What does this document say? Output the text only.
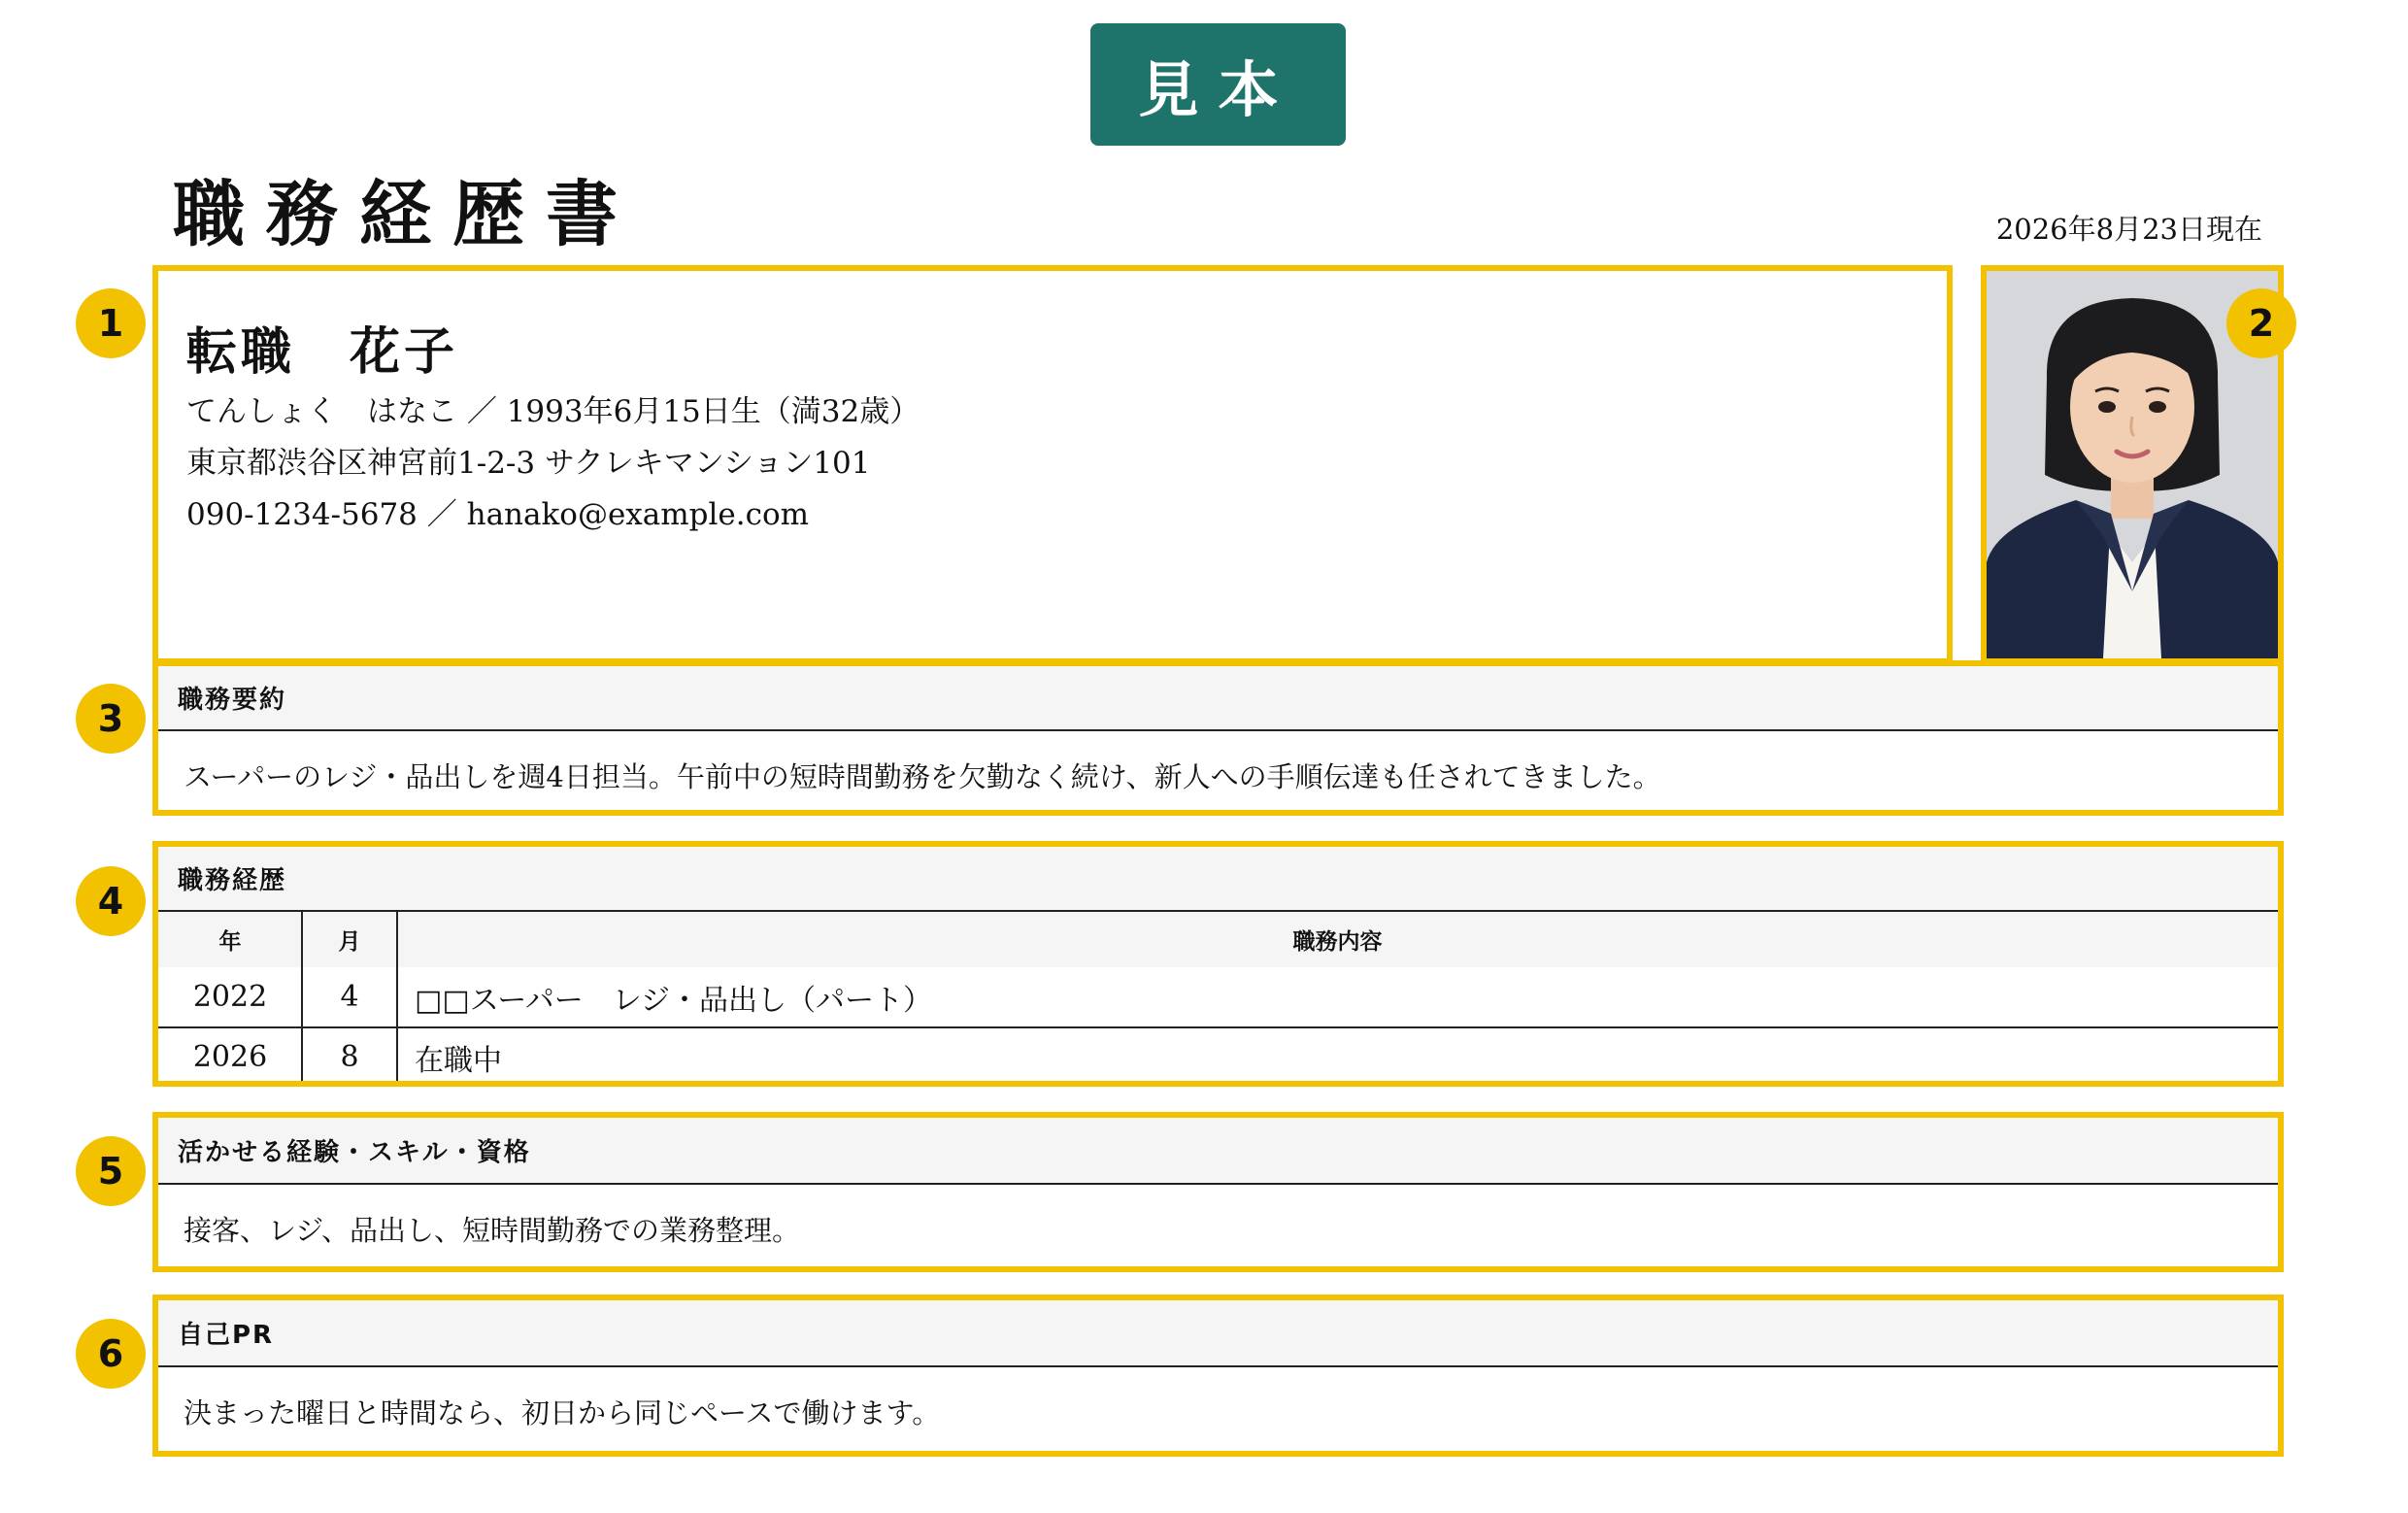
見本
職務経歴書	2026年8月23日現在
1	転職　花子
てんしょく　はなこ ／ 1993年6月15日生（満32歳）
東京都渋谷区神宮前1-2-3 サクレキマンション101
090-1234-5678 ／ hanako@example.com
2
職務要約
スーパーのレジ・品出しを週4日担当。午前中の短時間勤務を欠勤なく続け、新人への手順伝達も任されてきました。
3
職務経歴
年	月	職務内容
2022	4	□□スーパー　レジ・品出し（パート）
2026	8	在職中
4
活かせる経験・スキル・資格
接客、レジ、品出し、短時間勤務での業務整理。
5
自己PR
決まった曜日と時間なら、初日から同じペースで働けます。
6
